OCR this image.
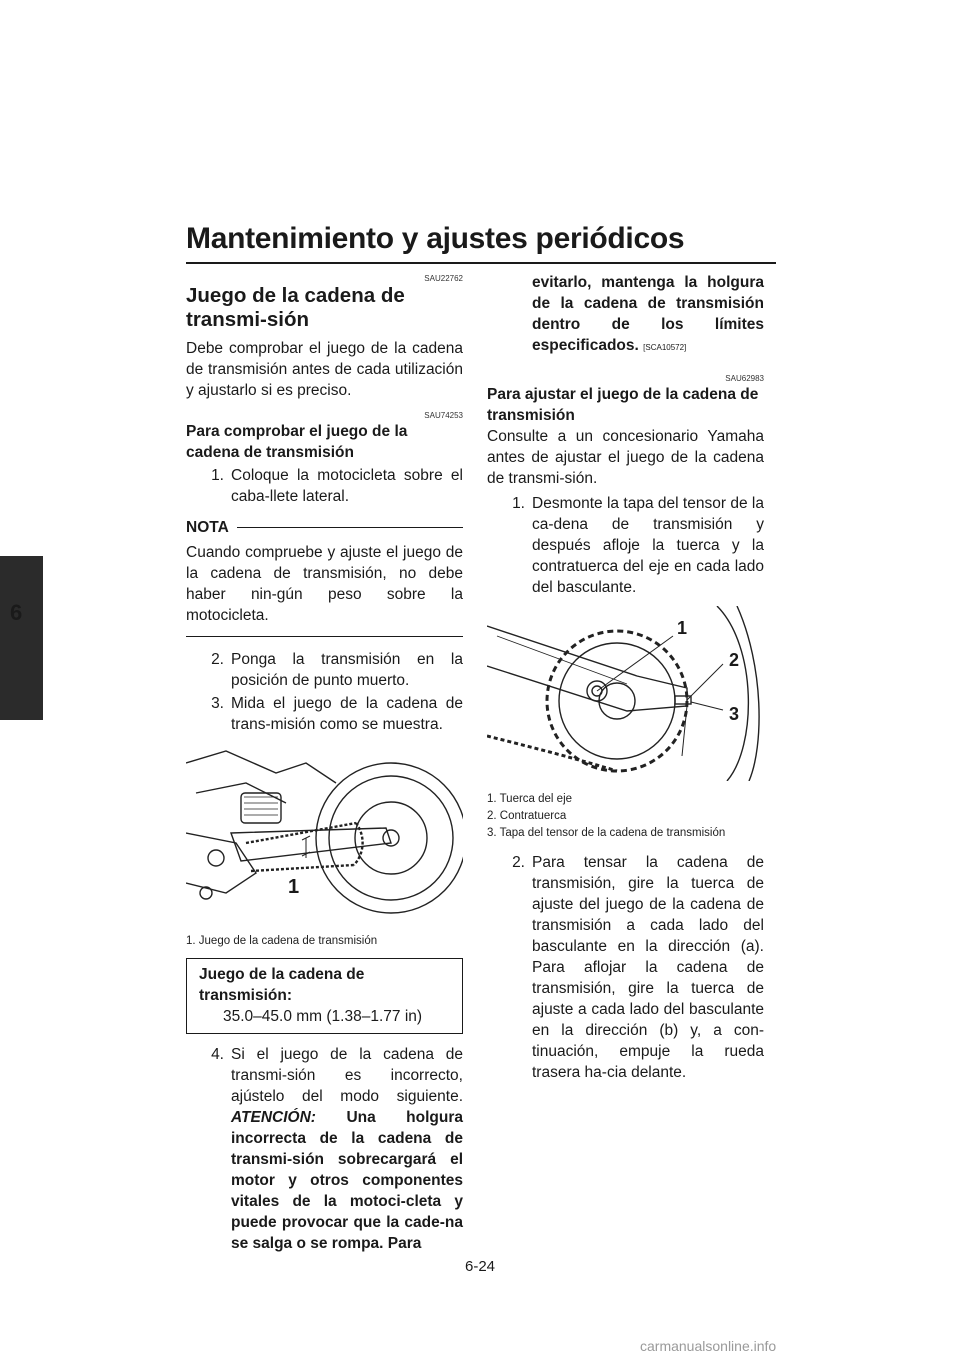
Mantenimiento y ajustes periódicos
6
SAU22762
Juego de la cadena de transmi-sión

Debe comprobar el juego de la cadena de transmisión antes de cada utilización y ajustarlo si es preciso.

SAU74253
Para comprobar el juego de la cadena de transmisión
1. Coloque la motocicleta sobre el caba-llete lateral.
NOTA

Cuando compruebe y ajuste el juego de la cadena de transmisión, no debe haber nin-gún peso sobre la motocicleta.

2. Ponga la transmisión en la posición de punto muerto.
3. Mida el juego de la cadena de trans-misión como se muestra.
1
1. Juego de la cadena de transmisión
Juego de la cadena de transmisión:
35.0–45.0 mm (1.38–1.77 in)
4. Si el juego de la cadena de transmi-sión es incorrecto, ajústelo del modo siguiente. ATENCIÓN: Una holgura incorrecta de la cadena de transmi-sión sobrecargará el motor y otros componentes vitales de la motoci-cleta y puede provocar que la cade-na se salga o se rompa. Para
evitarlo, mantenga la holgura de la cadena de transmisión dentro de los límites especificados. [SCA10572]
SAU62983
Para ajustar el juego de la cadena de transmisión

Consulte a un concesionario Yamaha antes de ajustar el juego de la cadena de transmi-sión.

1. Desmonte la tapa del tensor de la ca-dena de transmisión y después afloje la tuerca y la contratuerca del eje en cada lado del basculante.
1
2
3
1. Tuerca del eje
2. Contratuerca
3. Tapa del tensor de la cadena de transmisión
2. Para tensar la cadena de transmisión, gire la tuerca de ajuste del juego de la cadena de transmisión a cada lado del basculante en la dirección (a). Para aflojar la cadena de transmisión, gire la tuerca de ajuste a cada lado del basculante en la dirección (b) y, a con-tinuación, empuje la rueda trasera ha-cia delante.
6-24
carmanualsonline.info
